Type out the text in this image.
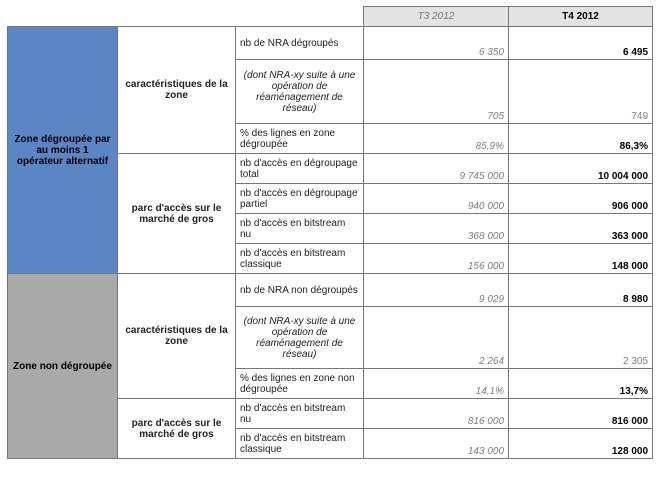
			T3 2012	T4 2012
Zone dégroupée par au moins 1 opérateur alternatif	caractéristiques de la zone	nb de NRA dégroupés	6 350	6 495
		(dont NRA-xy suite à une opération de réaménagement de réseau)	705	749
		% des lignes en zone dégroupée	85,9%	86,3%
	parc d'accès sur le marché de gros	nb d'accès en dégroupage total	9 745 000	10 004 000
		nb d'accès en dégroupage partiel	940 000	906 000
		nb d'accès en bitstream nu	368 000	363 000
		nb d'accès en bitstream classique	156 000	148 000
Zone non dégroupée	caractéristiques de la zone	nb de NRA non dégroupés	9 029	8 980
		(dont NRA-xy suite à une opération de réaménagement de réseau)	2 264	2 305
		% des lignes en zone non dégroupée	14,1%	13,7%
	parc d'accès sur le marché de gros	nb d'accès en bitstream nu	816 000	816 000
		nb d'accès en bitstream classique	143 000	128 000
